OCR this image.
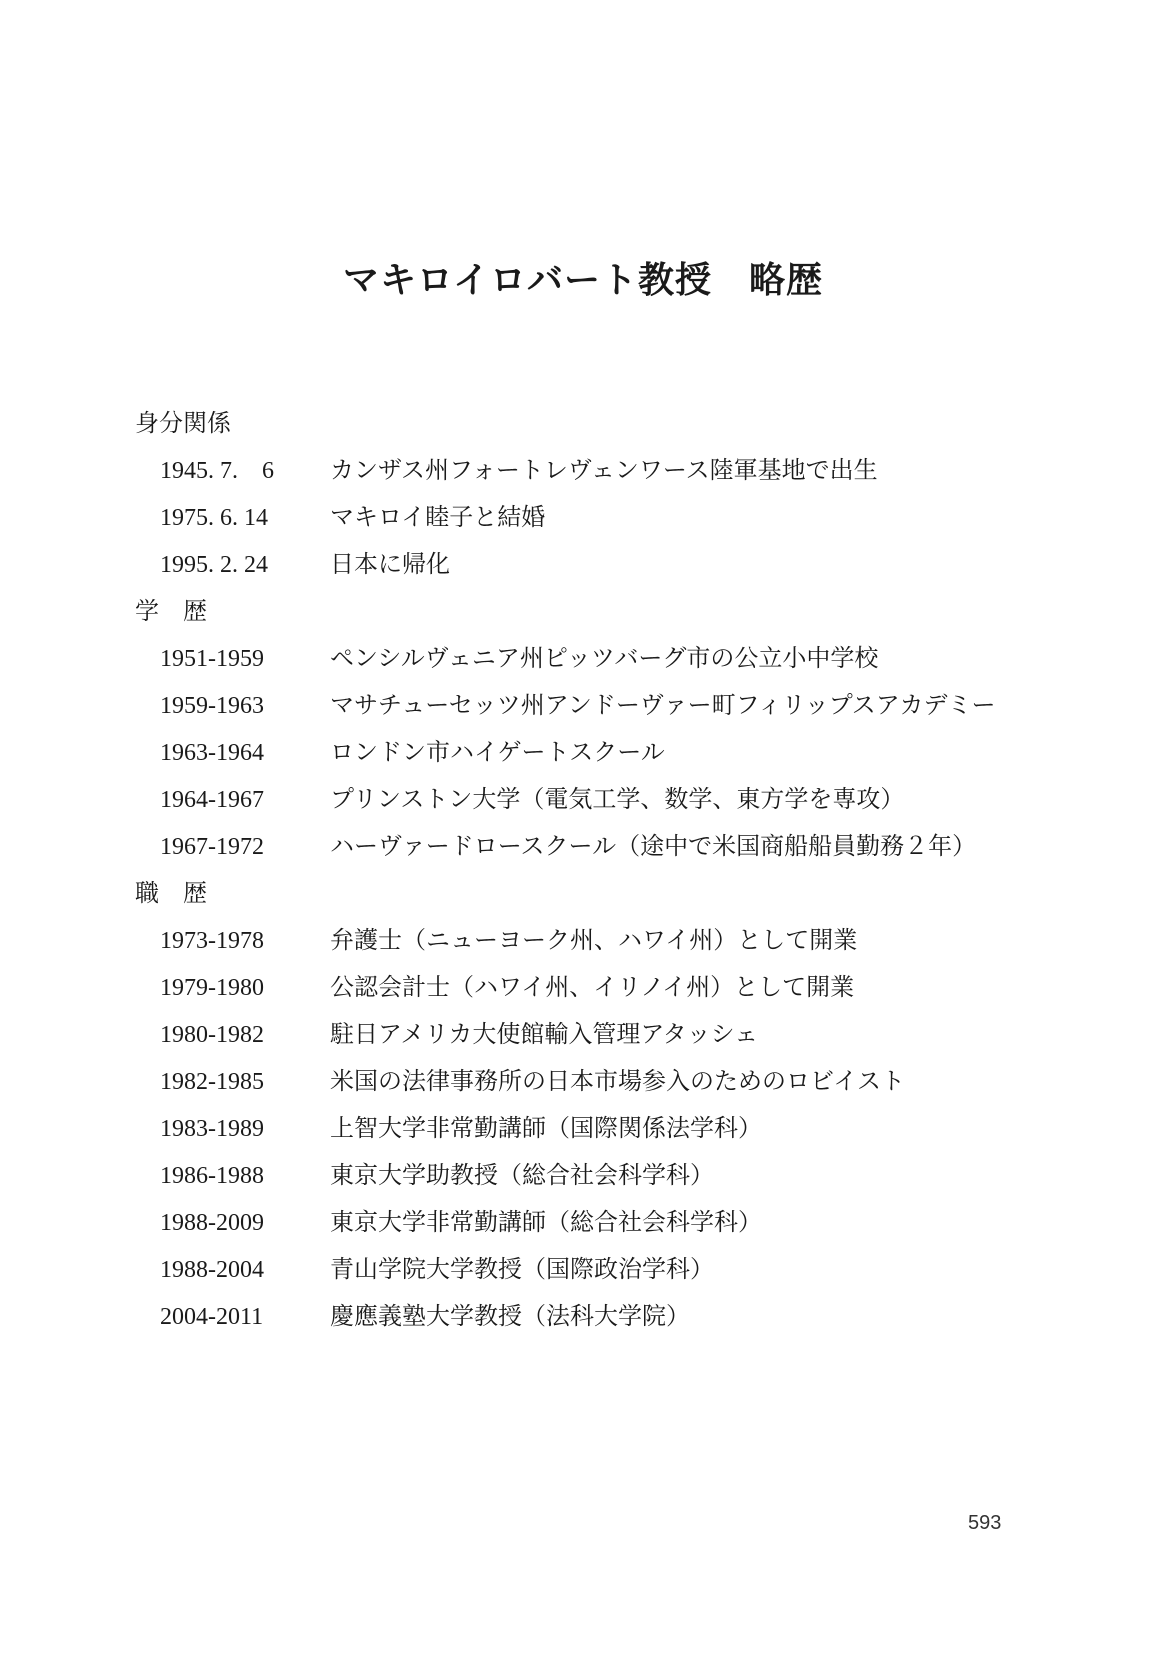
マキロイロバート教授　略歴
身分関係
1945. 7.　6 カンザス州フォートレヴェンワース陸軍基地で出生
1975. 6. 14	マキロイ睦子と結婚
1995. 2. 24	日本に帰化
学　歴
1951-1959	ペンシルヴェニア州ピッツバーグ市の公立小中学校
1959-1963	マサチューセッツ州アンドーヴァー町フィリップスアカデミー
1963-1964	ロンドン市ハイゲートスクール
1964-1967	プリンストン大学（電気工学、数学、東方学を専攻）
1967-1972	ハーヴァードロースクール（途中で米国商船船員勤務２年）
職　歴
1973-1978	弁護士（ニューヨーク州、ハワイ州）として開業
1979-1980	公認会計士（ハワイ州、イリノイ州）として開業
1980-1982	駐日アメリカ大使館輸入管理アタッシェ
1982-1985	米国の法律事務所の日本市場参入のためのロビイスト
1983-1989	上智大学非常勤講師（国際関係法学科）
1986-1988	東京大学助教授（総合社会科学科）
1988-2009	東京大学非常勤講師（総合社会科学科）
1988-2004	青山学院大学教授（国際政治学科）
2004-2011	慶應義塾大学教授（法科大学院）
593
